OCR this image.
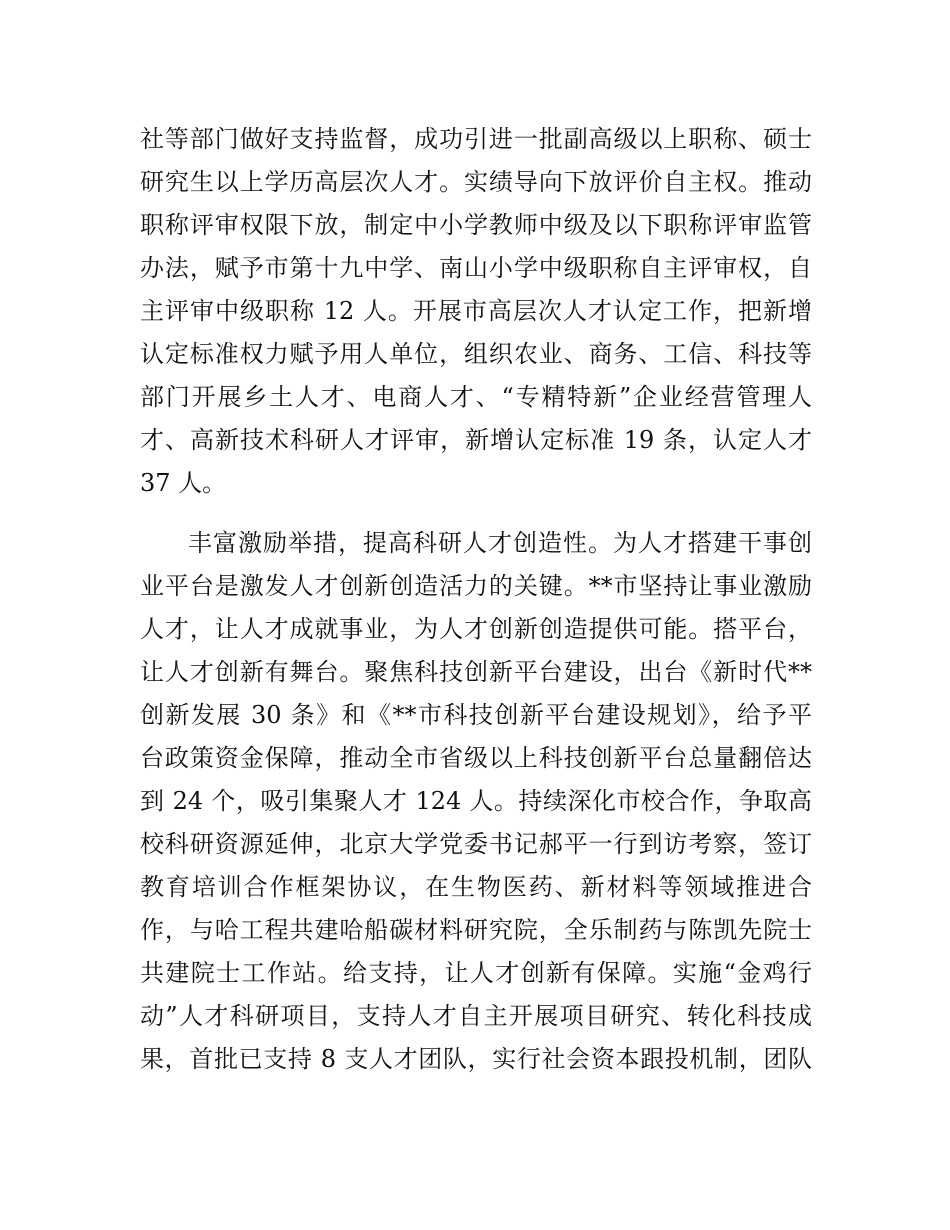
社等部门做好支持监督，成功引进一批副高级以上职称、硕士
研究生以上学历高层次人才。实绩导向下放评价自主权。推动
职称评审权限下放，制定中小学教师中级及以下职称评审监管
办法，赋予市第十九中学、南山小学中级职称自主评审权，自
主评审中级职称 12 人。开展市高层次人才认定工作，把新增
认定标准权力赋予用人单位，组织农业、商务、工信、科技等
部门开展乡土人才、电商人才、“专精特新”企业经营管理人
才、高新技术科研人才评审，新增认定标准 19 条，认定人才
37 人。
丰富激励举措，提高科研人才创造性。为人才搭建干事创
业平台是激发人才创新创造活力的关键。**市坚持让事业激励
人才，让人才成就事业，为人才创新创造提供可能。搭平台，
让人才创新有舞台。聚焦科技创新平台建设，出台《新时代**
创新发展 30 条》和《**市科技创新平台建设规划》，给予平
台政策资金保障，推动全市省级以上科技创新平台总量翻倍达
到 24 个，吸引集聚人才 124 人。持续深化市校合作，争取高
校科研资源延伸，北京大学党委书记郝平一行到访考察，签订
教育培训合作框架协议，在生物医药、新材料等领域推进合
作，与哈工程共建哈船碳材料研究院，全乐制药与陈凯先院士
共建院士工作站。给支持，让人才创新有保障。实施“金鸡行
动”人才科研项目，支持人才自主开展项目研究、转化科技成
果，首批已支持 8 支人才团队，实行社会资本跟投机制，团队
